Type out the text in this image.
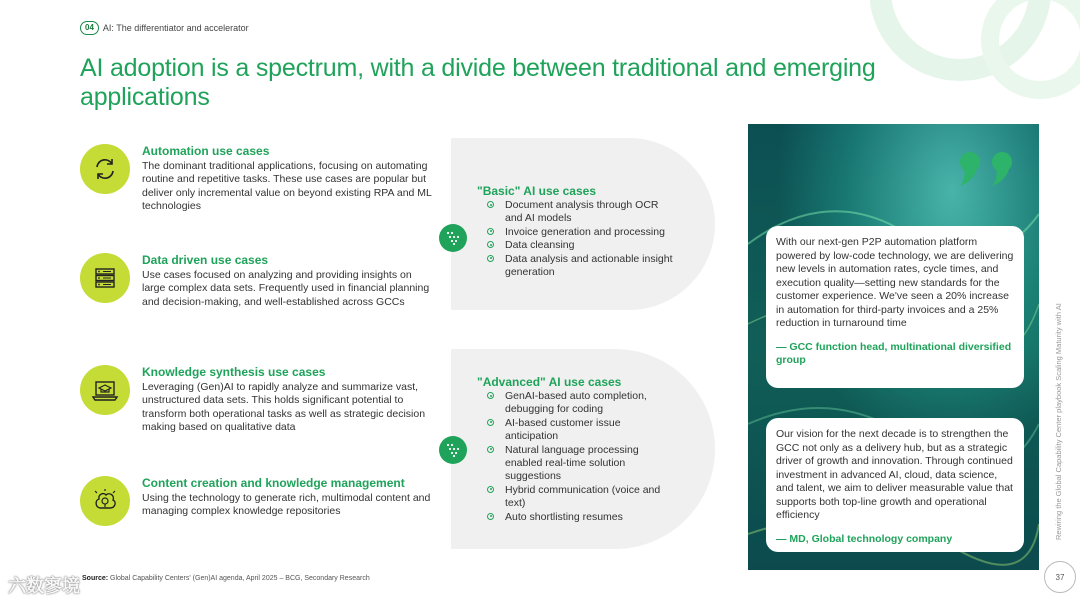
04	AI: The differentiator and accelerator
AI adoption is a spectrum, with a divide between traditional and emerging applications
Automation use cases

The dominant traditional applications, focusing on automating routine and repetitive tasks. These use cases are popular but deliver only incremental value on beyond existing RPA and ML technologies

Data driven use cases

Use cases focused on analyzing and providing insights on large complex data sets. Frequently used in financial planning and decision-making, and well-established across GCCs

Knowledge synthesis use cases

Leveraging (Gen)AI to rapidly analyze and summarize vast, unstructured data sets. This holds significant potential to transform both operational tasks as well as strategic decision making based on qualitative data

Content creation and knowledge management

Using the technology to generate rich, multimodal content and managing complex knowledge repositories

"Basic" AI use cases
Document analysis through OCR and AI models
Invoice generation and processing
Data cleansing
Data analysis and actionable insight generation
"Advanced" AI use cases
GenAI-based auto completion, debugging for coding
AI-based customer issue anticipation
Natural language processing enabled real-time solution suggestions
Hybrid communication (voice and text)
Auto shortlisting resumes

With our next-gen P2P automation platform powered by low-code technology, we are delivering new levels in automation rates, cycle times, and execution quality—setting new standards for the customer experience. We've seen a 20% increase in automation for third-party invoices and a 25% reduction in turnaround time

— GCC function head, multinational diversified group

Our vision for the next decade is to strengthen the GCC not only as a delivery hub, but as a strategic driver of growth and innovation. Through continued investment in advanced AI, cloud, data science, and talent, we aim to deliver measurable value that supports both top-line growth and operational efficiency

— MD, Global technology company	Rewiring the Global Capability Center playbook Scaling Maturity with AI
37
Source: Global Capability Centers' (Gen)AI agenda, April 2025 – BCG, Secondary Research
六数寥境
